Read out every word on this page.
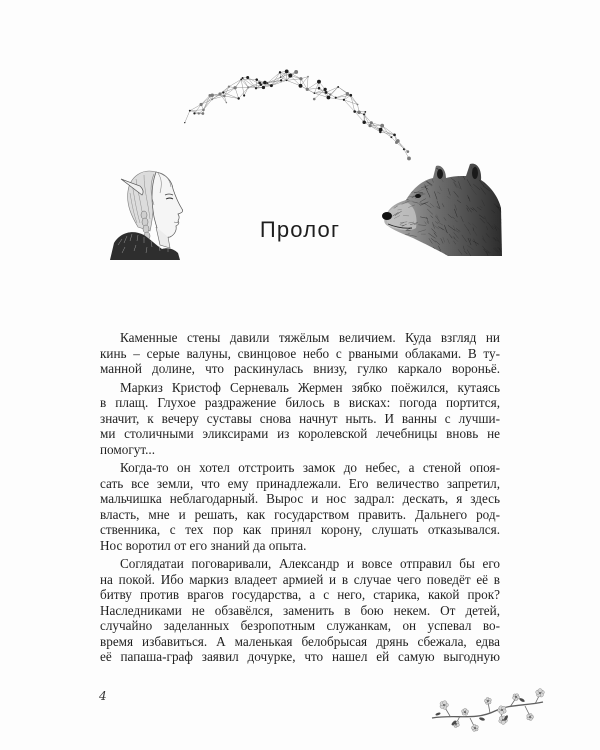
Пролог
Каменные стены давили тяжёлым величием. Куда взгляд ни
кинь – серые валуны, свинцовое небо с рваными облаками. В ту-
манной долине, что раскинулась внизу, гулко каркало вороньё.
Маркиз Кристоф Серневаль Жермен зябко поёжился, кутаясь
в плащ. Глухое раздражение билось в висках: погода портится,
значит, к вечеру суставы снова начнут ныть. И ванны с лучши-
ми столичными эликсирами из королевской лечебницы вновь не
помогут...
Когда-то он хотел отстроить замок до небес, а стеной опоя-
сать все земли, что ему принадлежали. Его величество запретил,
мальчишка неблагодарный. Вырос и нос задрал: дескать, я здесь
власть, мне и решать, как государством править. Дальнего род-
ственника, с тех пор как принял корону, слушать отказывался.
Нос воротил от его знаний да опыта.
Соглядатаи поговаривали, Александр и вовсе отправил бы его
на покой. Ибо маркиз владеет армией и в случае чего поведёт её в
битву против врагов государства, а с него, старика, какой прок?
Наследниками не обзавёлся, заменить в бою некем. От детей,
случайно заделанных безропотным служанкам, он успевал во-
время избавиться. А маленькая белобрысая дрянь сбежала, едва
её папаша-граф заявил дочурке, что нашел ей самую выгодную
4
